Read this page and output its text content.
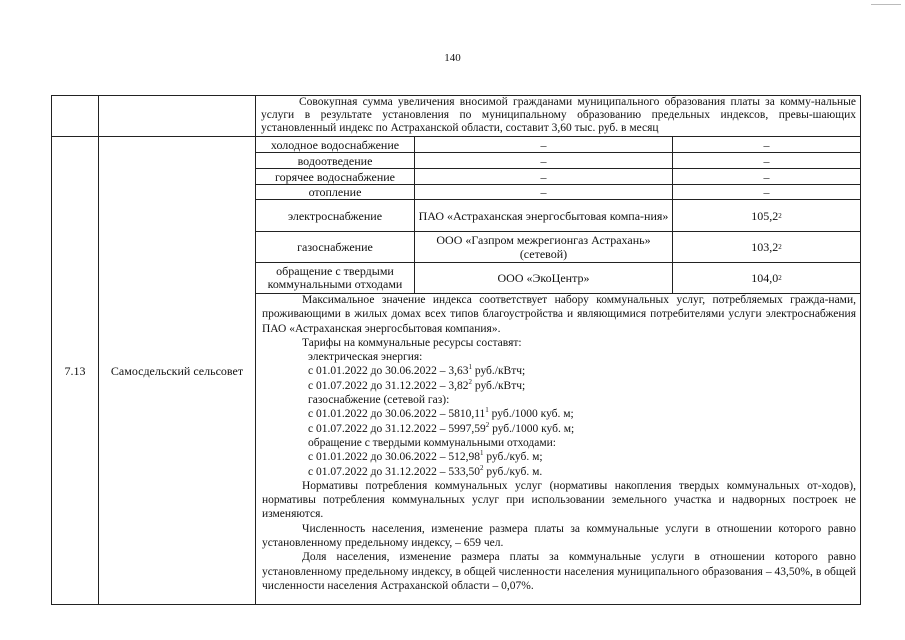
140
Совокупная сумма увеличения вносимой гражданами муниципального образования платы за комму-нальные услуги в результате установления по муниципальному образованию предельных индексов, превы-шающих установленный индекс по Астраханской области, составит 3,60 тыс. руб. в месяц
7.13	Самосдельский сельсовет
холодное водоснабжение	–	–
водоотведение	–	–
горячее водоснабжение	–	–
отопление	–	–
электроснабжение	ПАО «Астраханская энергосбытовая компа-ния»	105,2 2
газоснабжение	ООО «Газпром межрегионгаз Астрахань» (сетевой)	103,2 2
обращение с твердыми коммунальными отходами	ООО «ЭкоЦентр»	104,0 2

Максимальное значение индекса соответствует набору коммунальных услуг, потребляемых гражда-нами, проживающими в жилых домах всех типов благоустройства и являющимися потребителями услуги электроснабжения ПАО «Астраханская энергосбытовая компания».

Тарифы на коммунальные ресурсы составят:

электрическая энергия:

с 01.01.2022 до 30.06.2022 – 3,63$^1$ руб./кВтч;

с 01.07.2022 до 31.12.2022 – 3,82$^2$ руб./кВтч;

газоснабжение (сетевой газ):

с 01.01.2022 до 30.06.2022 – 5810,11$^1$ руб./1000 куб. м;

с 01.07.2022 до 31.12.2022 – 5997,59$^2$ руб./1000 куб. м;

обращение с твердыми коммунальными отходами:

с 01.01.2022 до 30.06.2022 – 512,98$^1$ руб./куб. м;

с 01.07.2022 до 31.12.2022 – 533,50$^2$ руб./куб. м.

Нормативы потребления коммунальных услуг (нормативы накопления твердых коммунальных от-ходов), нормативы потребления коммунальных услуг при использовании земельного участка и надворных построек не изменяются.

Численность населения, изменение размера платы за коммунальные услуги в отношении которого равно установленному предельному индексу, – 659 чел.

Доля населения, изменение размера платы за коммунальные услуги в отношении которого равно установленному предельному индексу, в общей численности населения муниципального образования – 43,50%, в общей численности населения Астраханской области – 0,07%.
